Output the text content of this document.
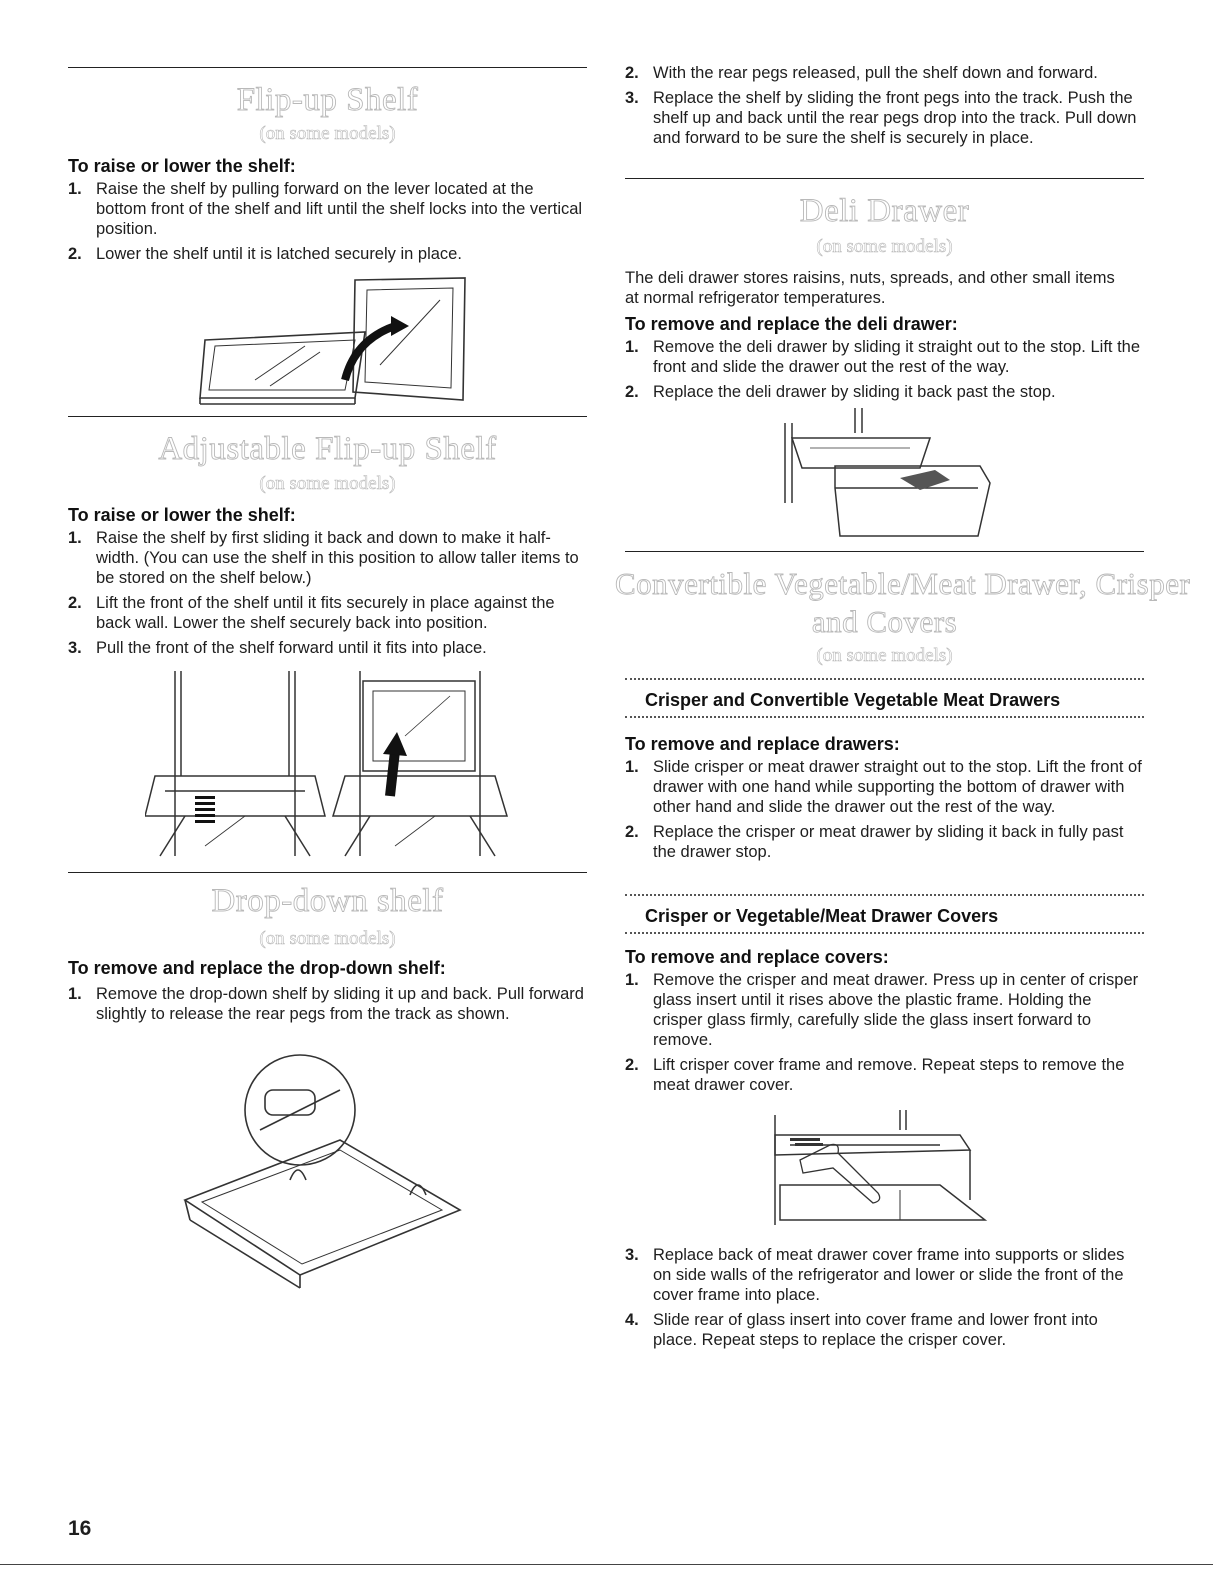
Flip-up Shelf
(on some models)
To raise or lower the shelf:
1. Raise the shelf by pulling forward on the lever located at the bottom front of the shelf and lift until the shelf locks into the vertical position.
2. Lower the shelf until it is latched securely in place.
Adjustable Flip-up Shelf
(on some models)
To raise or lower the shelf:
1. Raise the shelf by first sliding it back and down to make it half-width. (You can use the shelf in this position to allow taller items to be stored on the shelf below.)
2. Lift the front of the shelf until it fits securely in place against the back wall. Lower the shelf securely back into position.
3. Pull the front of the shelf forward until it fits into place.
Drop-down shelf
(on some models)
To remove and replace the drop-down shelf:
1. Remove the drop-down shelf by sliding it up and back. Pull forward slightly to release the rear pegs from the track as shown.
16
2. With the rear pegs released, pull the shelf down and forward.
3. Replace the shelf by sliding the front pegs into the track. Push the shelf up and back until the rear pegs drop into the track. Pull down and forward to be sure the shelf is securely in place.
Deli Drawer
(on some models)
The deli drawer stores raisins, nuts, spreads, and other small items at normal refrigerator temperatures.
To remove and replace the deli drawer:
1. Remove the deli drawer by sliding it straight out to the stop. Lift the front and slide the drawer out the rest of the way.
2. Replace the deli drawer by sliding it back past the stop.
Convertible Vegetable/Meat Drawer, Crisper
and Covers
(on some models)
Crisper and Convertible Vegetable Meat Drawers
To remove and replace drawers:
1. Slide crisper or meat drawer straight out to the stop. Lift the front of drawer with one hand while supporting the bottom of drawer with other hand and slide the drawer out the rest of the way.
2. Replace the crisper or meat drawer by sliding it back in fully past the drawer stop.
Crisper or Vegetable/Meat Drawer Covers
To remove and replace covers:
1. Remove the crisper and meat drawer. Press up in center of crisper glass insert until it rises above the plastic frame. Holding the crisper glass firmly, carefully slide the glass insert forward to remove.
2. Lift crisper cover frame and remove. Repeat steps to remove the meat drawer cover.
3. Replace back of meat drawer cover frame into supports or slides on side walls of the refrigerator and lower or slide the front of the cover frame into place.
4. Slide rear of glass insert into cover frame and lower front into place. Repeat steps to replace the crisper cover.
